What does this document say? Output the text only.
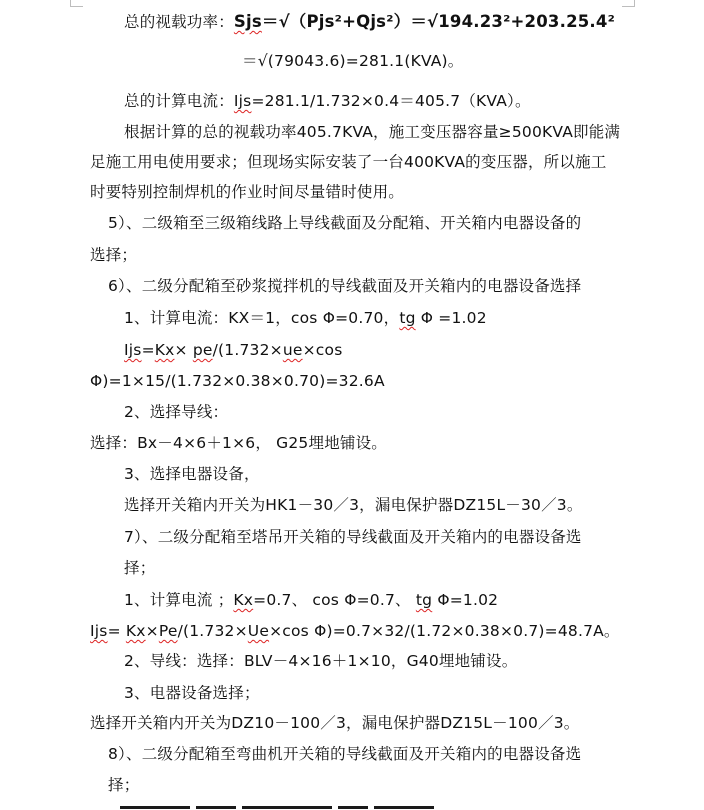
总的视载功率：Sjs＝√（Pjs²+Qjs²）＝√194.23²+203.25.4²
＝√(79043.6)=281.1(KVA)。
总的计算电流：Ijs=281.1/1.732×0.4＝405.7（KVA）。
根据计算的总的视载功率405.7KVA，施工变压器容量≥500KVA即能满
足施工用电使用要求；但现场实际安装了一台400KVA的变压器，所以施工
时要特别控制焊机的作业时间尽量错时使用。
5）、二级箱至三级箱线路上导线截面及分配箱、开关箱内电器设备的
选择；
6）、二级分配箱至砂浆搅拌机的导线截面及开关箱内的电器设备选择
1、计算电流：KX＝1，cos Φ=0.70，tg Φ =1.02
Ijs=Kx× pe/(1.732×ue×cos
Φ)=1×15/(1.732×0.38×0.70)=32.6A
2、选择导线：
选择：Bx－4×6＋1×6， G25埋地铺设。
3、选择电器设备，
选择开关箱内开关为HK1－30／3，漏电保护器DZ15L－30／3。
7）、二级分配箱至塔吊开关箱的导线截面及开关箱内的电器设备选
择；
1、计算电流 ；Kx=0.7、 cos Φ=0.7、 tg Φ=1.02
Ijs= Kx×Pe/(1.732×Ue×cos Φ)=0.7×32/(1.72×0.38×0.7)=48.7A。
2、导线：选择：BLV－4×16＋1×10，G40埋地铺设。
3、电器设备选择；
选择开关箱内开关为DZ10－100／3，漏电保护器DZ15L－100／3。
8）、二级分配箱至弯曲机开关箱的导线截面及开关箱内的电器设备选
择；
